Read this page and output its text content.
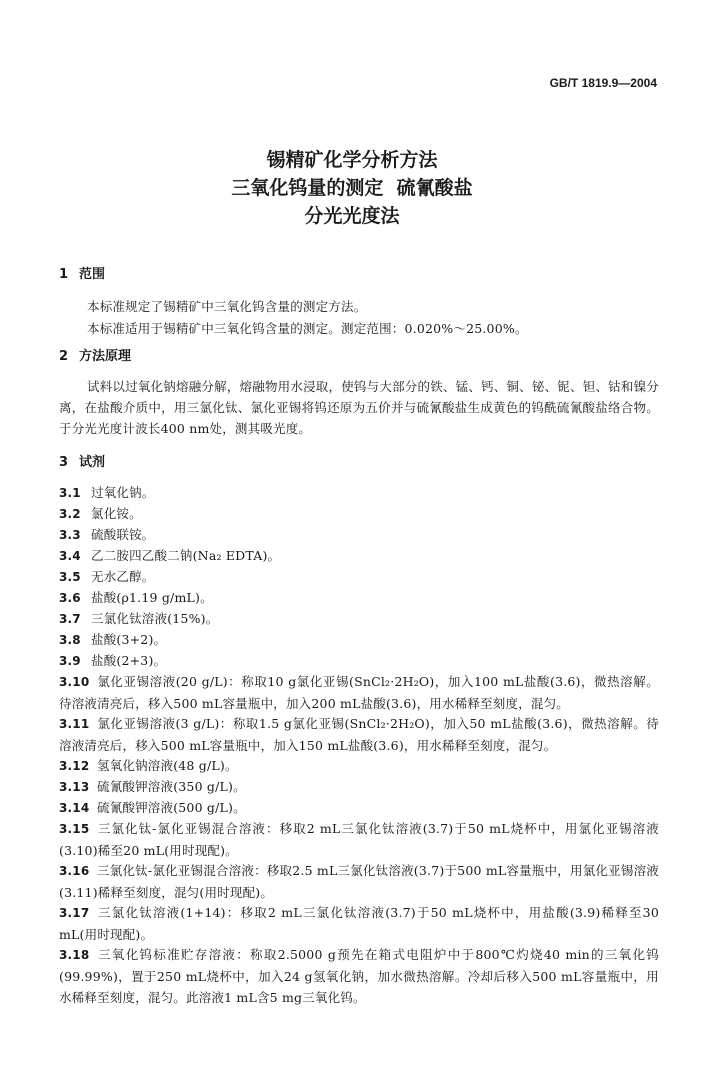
GB/T 1819.9—2004
锡精矿化学分析方法
三氧化钨量的测定  硫氰酸盐
分光光度法
1 范围

本标准规定了锡精矿中三氧化钨含量的测定方法。

本标准适用于锡精矿中三氧化钨含量的测定。测定范围：0.020%～25.00%。

2 方法原理

试料以过氧化钠熔融分解，熔融物用水浸取，使钨与大部分的铁、锰、钙、铜、铋、铌、钽、钴和镍分离，在盐酸介质中，用三氯化钛、氯化亚锡将钨还原为五价并与硫氰酸盐生成黄色的钨酰硫氰酸盐络合物。于分光光度计波长400 nm处，测其吸光度。

3 试剂

3.1 过氧化钠。

3.2 氯化铵。

3.3 硫酸联铵。

3.4 乙二胺四乙酸二钠(Na₂ EDTA)。

3.5 无水乙醇。

3.6 盐酸(ρ1.19 g/mL)。

3.7 三氯化钛溶液(15%)。

3.8 盐酸(3+2)。

3.9 盐酸(2+3)。

3.10 氯化亚锡溶液(20 g/L)：称取10 g氯化亚锡(SnCl₂·2H₂O)，加入100 mL盐酸(3.6)，微热溶解。待溶液清亮后，移入500 mL容量瓶中，加入200 mL盐酸(3.6)，用水稀释至刻度，混匀。

3.11 氯化亚锡溶液(3 g/L)：称取1.5 g氯化亚锡(SnCl₂·2H₂O)，加入50 mL盐酸(3.6)，微热溶解。待溶液清亮后，移入500 mL容量瓶中，加入150 mL盐酸(3.6)，用水稀释至刻度，混匀。

3.12 氢氧化钠溶液(48 g/L)。

3.13 硫氰酸钾溶液(350 g/L)。

3.14 硫氰酸钾溶液(500 g/L)。

3.15 三氯化钛-氯化亚锡混合溶液：移取2 mL三氯化钛溶液(3.7)于50 mL烧杯中，用氯化亚锡溶液(3.10)稀至20 mL(用时现配)。

3.16 三氯化钛-氯化亚锡混合溶液：移取2.5 mL三氯化钛溶液(3.7)于500 mL容量瓶中，用氯化亚锡溶液(3.11)稀释至刻度，混匀(用时现配)。

3.17 三氯化钛溶液(1+14)：移取2 mL三氯化钛溶液(3.7)于50 mL烧杯中，用盐酸(3.9)稀释至30 mL(用时现配)。

3.18 三氧化钨标准贮存溶液：称取2.5000 g预先在箱式电阻炉中于800℃灼烧40 min的三氧化钨(99.99%)，置于250 mL烧杯中，加入24 g氢氧化钠，加水微热溶解。冷却后移入500 mL容量瓶中，用水稀释至刻度，混匀。此溶液1 mL含5 mg三氧化钨。
